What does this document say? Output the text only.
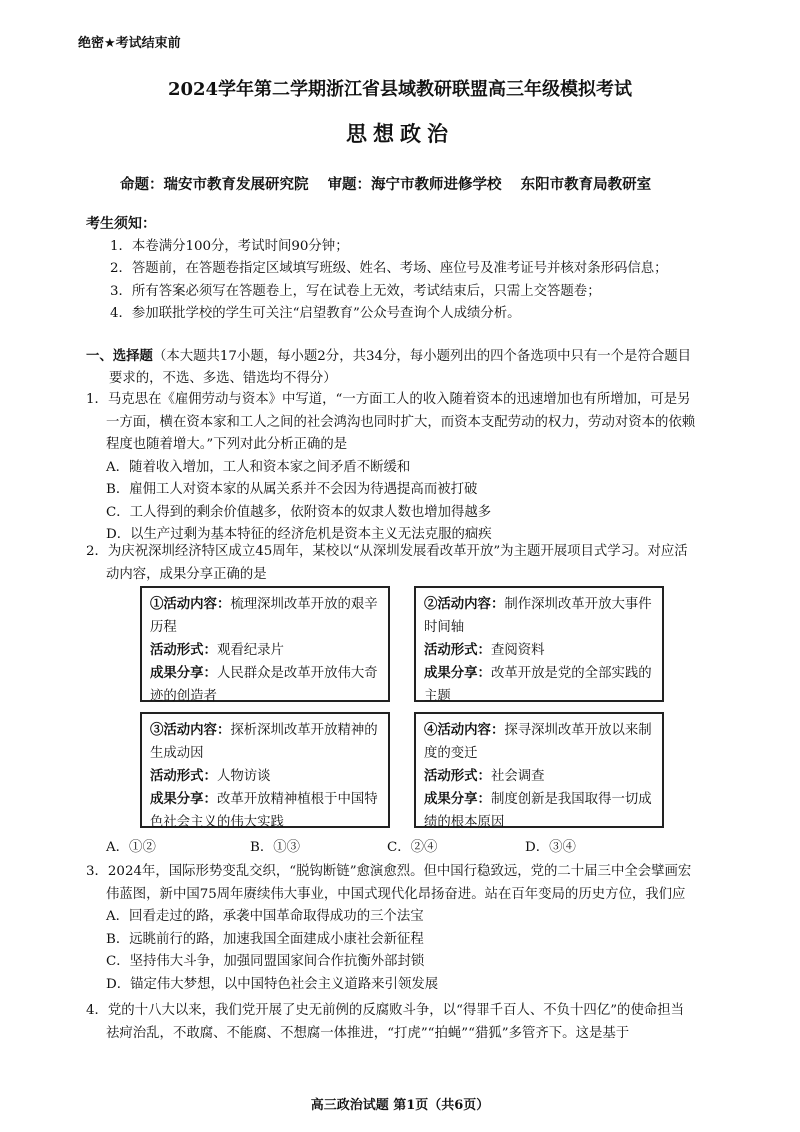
绝密★考试结束前
2024学年第二学期浙江省县域教研联盟高三年级模拟考试
思想政治
命题：瑞安市教育发展研究院 审题：海宁市教师进修学校 东阳市教育局教研室
考生须知：
1．本卷满分100分，考试时间90分钟；
2．答题前，在答题卷指定区域填写班级、姓名、考场、座位号及准考证号并核对条形码信息；
3．所有答案必须写在答题卷上，写在试卷上无效，考试结束后，只需上交答题卷；
4．参加联批学校的学生可关注“启望教育”公众号查询个人成绩分析。
一、选择题（本大题共17小题，每小题2分，共34分，每小题列出的四个备选项中只有一个是符合题目
要求的，不选、多选、错选均不得分）
1．马克思在《雇佣劳动与资本》中写道，“一方面工人的收入随着资本的迅速增加也有所增加，可是另
一方面，横在资本家和工人之间的社会鸿沟也同时扩大，而资本支配劳动的权力，劳动对资本的依赖
程度也随着增大。”下列对此分析正确的是
A．随着收入增加，工人和资本家之间矛盾不断缓和
B．雇佣工人对资本家的从属关系并不会因为待遇提高而被打破
C．工人得到的剩余价值越多，依附资本的奴隶人数也增加得越多
D．以生产过剩为基本特征的经济危机是资本主义无法克服的痼疾
2．为庆祝深圳经济特区成立45周年，某校以“从深圳发展看改革开放”为主题开展项目式学习。对应活
动内容，成果分享正确的是
①活动内容：梳理深圳改革开放的艰辛历程
活动形式：观看纪录片
成果分享：人民群众是改革开放伟大奇迹的创造者
②活动内容：制作深圳改革开放大事件时间轴
活动形式：查阅资料
成果分享：改革开放是党的全部实践的主题
③活动内容：探析深圳改革开放精神的生成动因
活动形式：人物访谈
成果分享：改革开放精神植根于中国特色社会主义的伟大实践
④活动内容：探寻深圳改革开放以来制度的变迁
活动形式：社会调查
成果分享：制度创新是我国取得一切成绩的根本原因
A．①②	B．①③	C．②④	D．③④
3．2024年，国际形势变乱交织，“脱钩断链”愈演愈烈。但中国行稳致远，党的二十届三中全会擘画宏
伟蓝图，新中国75周年赓续伟大事业，中国式现代化昂扬奋进。站在百年变局的历史方位，我们应
A．回看走过的路，承袭中国革命取得成功的三个法宝
B．远眺前行的路，加速我国全面建成小康社会新征程
C．坚持伟大斗争，加强同盟国家间合作抗衡外部封锁
D．锚定伟大梦想，以中国特色社会主义道路来引领发展
4．党的十八大以来，我们党开展了史无前例的反腐败斗争，以“得罪千百人、不负十四亿”的使命担当
祛疴治乱，不敢腐、不能腐、不想腐一体推进，“打虎”“拍蝇”“猎狐”多管齐下。这是基于
高三政治试题 第1页（共6页）
